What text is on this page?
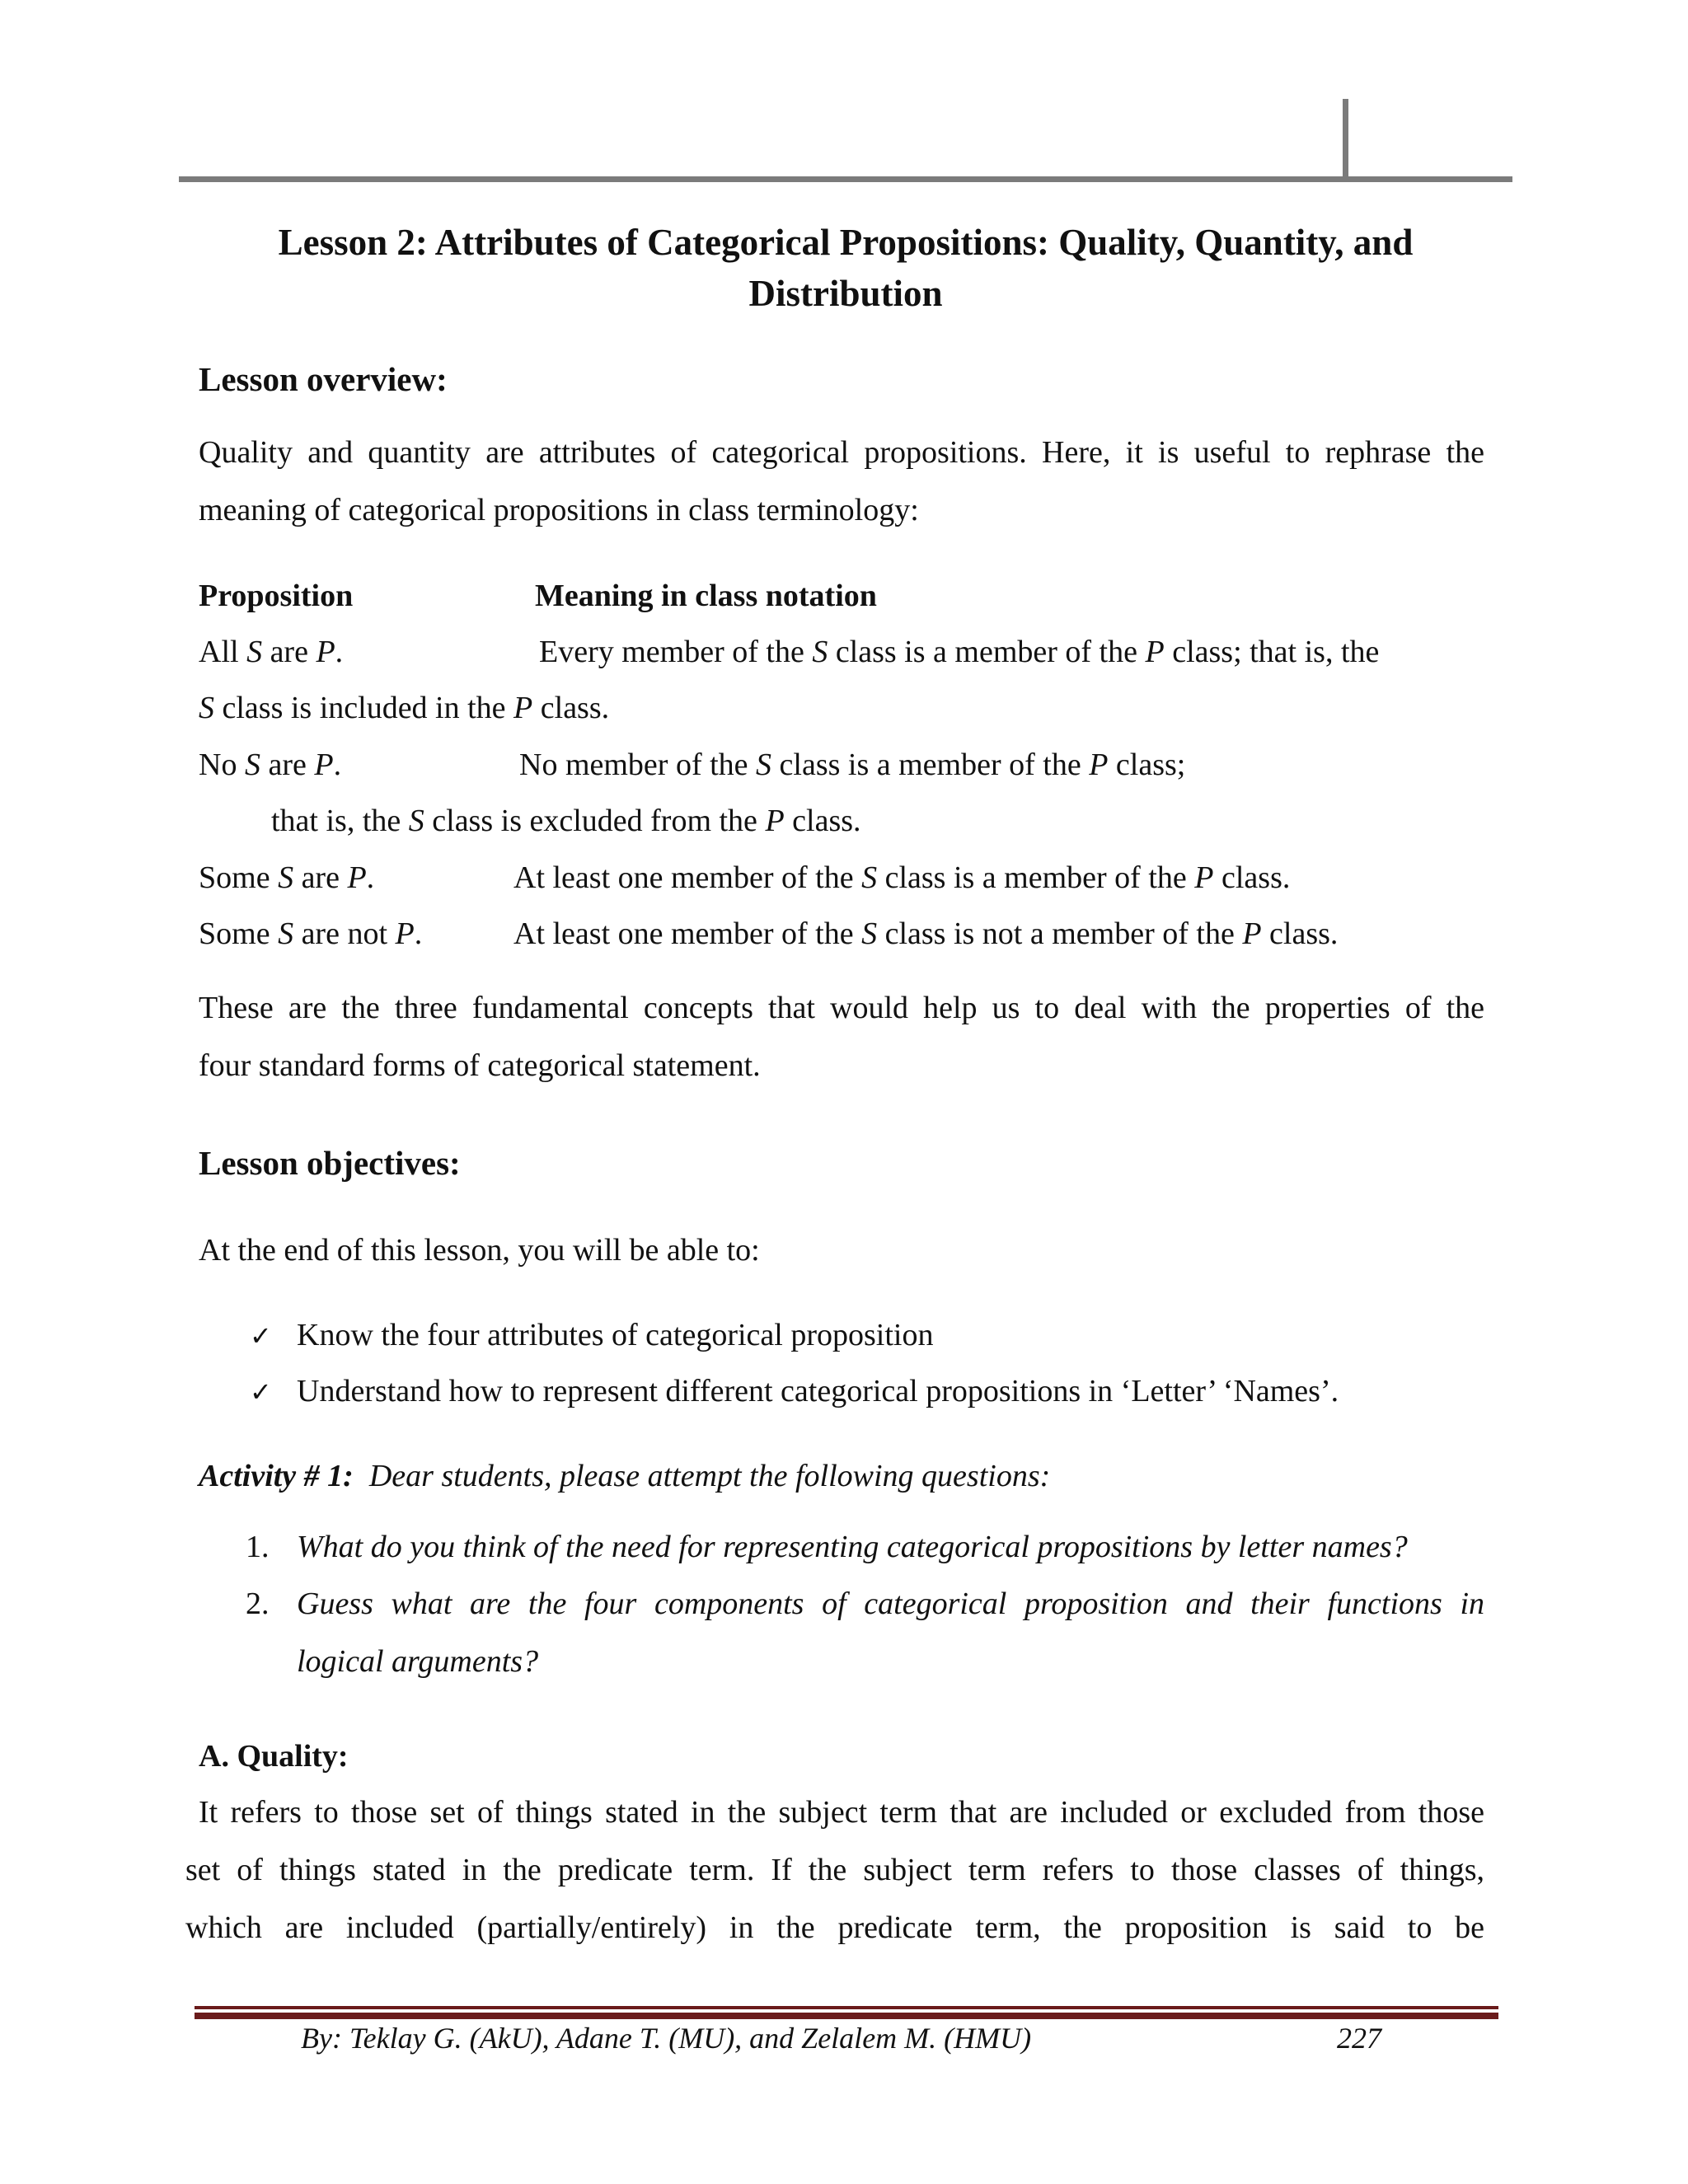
Lesson 2: Attributes of Categorical Propositions: Quality, Quantity, and
Distribution
Lesson overview:
Quality and quantity are attributes of categorical propositions. Here, it is useful to rephrase the
meaning of categorical propositions in class terminology:
Proposition	Meaning in class notation
All S are P.	Every member of the S class is a member of the P class; that is, the
S class is included in the P class.
No S are P.	No member of the S class is a member of the P class;
that is, the S class is excluded from the P class.
Some S are P.	At least one member of the S class is a member of the P class.
Some S are not P.	At least one member of the S class is not a member of the P class.
These are the three fundamental concepts that would help us to deal with the properties of the
four standard forms of categorical statement.
Lesson objectives:
At the end of this lesson, you will be able to:
✓ Know the four attributes of categorical proposition
✓ Understand how to represent different categorical propositions in ‘Letter’ ‘Names’.
Activity # 1: Dear students, please attempt the following questions:
1. What do you think of the need for representing categorical propositions by letter names?
2. Guess what are the four components of categorical proposition and their functions in
logical arguments?
A. Quality:
It refers to those set of things stated in the subject term that are included or excluded from those
set of things stated in the predicate term. If the subject term refers to those classes of things,
which are included (partially/entirely) in the predicate term, the proposition is said to be
By: Teklay G. (AkU), Adane T. (MU), and Zelalem M. (HMU)	227
